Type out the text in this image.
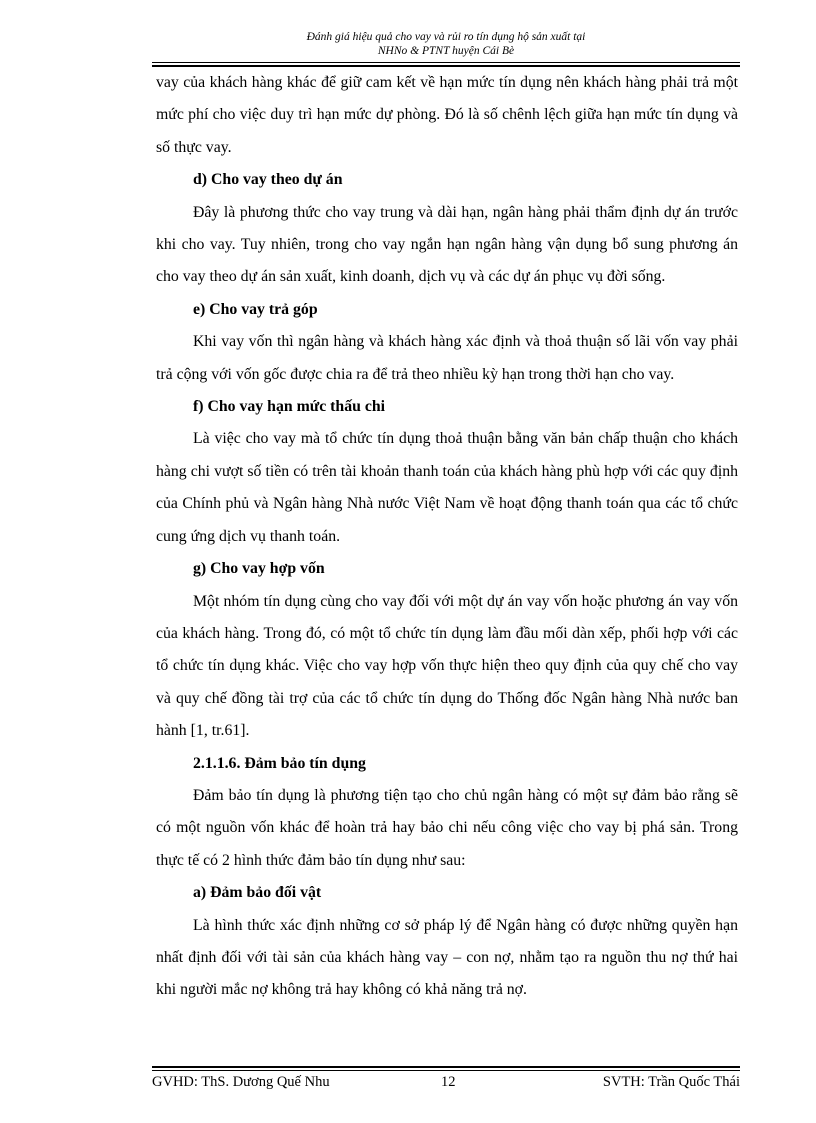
Đánh giá hiệu quả cho vay và rủi ro tín dụng hộ sản xuất tại
NHNo & PTNT huyện Cái Bè

vay của khách hàng khác để giữ cam kết về hạn mức tín dụng nên khách hàng phải trả một mức phí cho việc duy trì hạn mức dự phòng. Đó là số chênh lệch giữa hạn mức tín dụng và số thực vay.

d) Cho vay theo dự án

Đây là phương thức cho vay trung và dài hạn, ngân hàng phải thẩm định dự án trước khi cho vay. Tuy nhiên, trong cho vay ngắn hạn ngân hàng vận dụng bổ sung phương án cho vay theo dự án sản xuất, kinh doanh, dịch vụ và các dự án phục vụ đời sống.

e) Cho vay trả góp

Khi vay vốn thì ngân hàng và khách hàng xác định và thoả thuận số lãi vốn vay phải trả cộng với vốn gốc được chia ra để trả theo nhiều kỳ hạn trong thời hạn cho vay.

f) Cho vay hạn mức thấu chi

Là việc cho vay mà tổ chức tín dụng thoả thuận bằng văn bản chấp thuận cho khách hàng chi vượt số tiền có trên tài khoản thanh toán của khách hàng phù hợp với các quy định của Chính phủ và Ngân hàng Nhà nước Việt Nam về hoạt động thanh toán qua các tổ chức cung ứng dịch vụ thanh toán.

g) Cho vay hợp vốn

Một nhóm tín dụng cùng cho vay đối với một dự án vay vốn hoặc phương án vay vốn của khách hàng. Trong đó, có một tổ chức tín dụng làm đầu mối dàn xếp, phối hợp với các tổ chức tín dụng khác. Việc cho vay hợp vốn thực hiện theo quy định của quy chế cho vay và quy chế đồng tài trợ của các tổ chức tín dụng do Thống đốc Ngân hàng Nhà nước ban hành [1, tr.61].

2.1.1.6. Đảm bảo tín dụng

Đảm bảo tín dụng là phương tiện tạo cho chủ ngân hàng có một sự đảm bảo rằng sẽ có một nguồn vốn khác để hoàn trả hay bảo chi nếu công việc cho vay bị phá sản. Trong thực tế có 2 hình thức đảm bảo tín dụng như sau:

a) Đảm bảo đối vật

Là hình thức xác định những cơ sở pháp lý để Ngân hàng có được những quyền hạn nhất định đối với tài sản của khách hàng vay – con nợ, nhằm tạo ra nguồn thu nợ thứ hai khi người mắc nợ không trả hay không có khả năng trả nợ.

GVHD: ThS. Dương Quế Nhu	12	SVTH: Trần Quốc Thái
